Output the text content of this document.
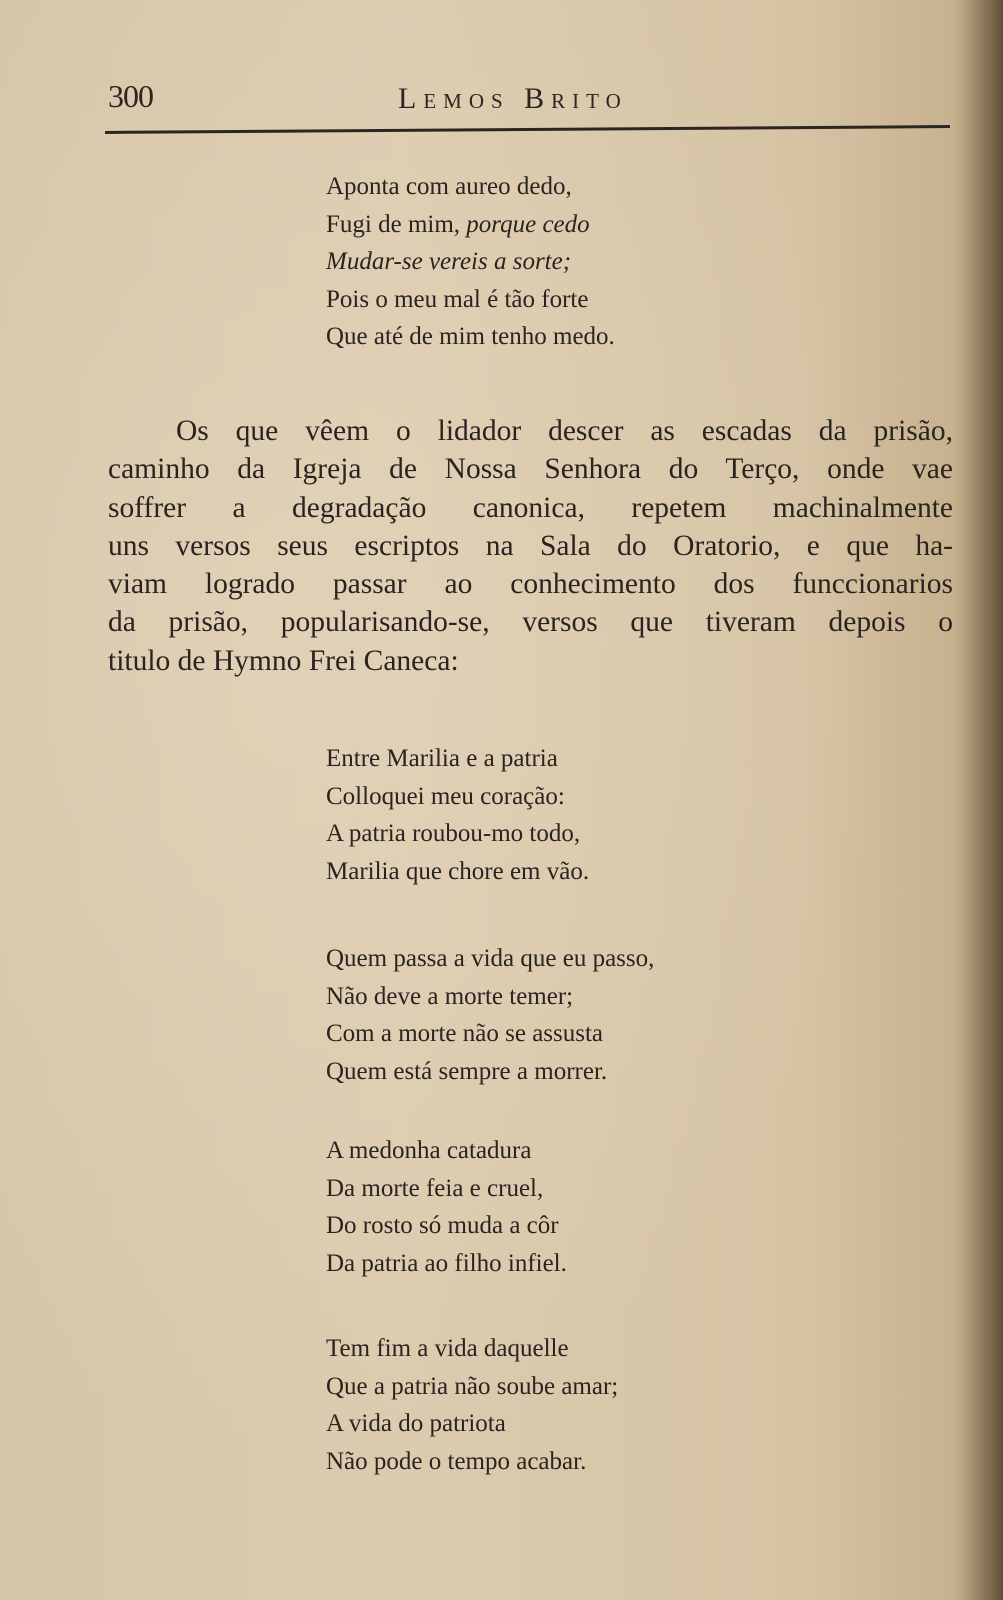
300	Lemos Brito
Aponta com aureo dedo,
Fugi de mim, porque cedo
Mudar-se vereis a sorte;
Pois o meu mal é tão forte
Que até de mim tenho medo.
Os que vêem o lidador descer as escadas da prisão,
caminho da Igreja de Nossa Senhora do Terço, onde vae
soffrer a degradação canonica, repetem machinalmente
uns versos seus escriptos na Sala do Oratorio, e que ha-
viam logrado passar ao conhecimento dos funccionarios
da prisão, popularisando-se, versos que tiveram depois o
titulo de Hymno Frei Caneca:
Entre Marilia e a patria
Colloquei meu coração:
A patria roubou-mo todo,
Marilia que chore em vão.
Quem passa a vida que eu passo,
Não deve a morte temer;
Com a morte não se assusta
Quem está sempre a morrer.
A medonha catadura
Da morte feia e cruel,
Do rosto só muda a côr
Da patria ao filho infiel.
Tem fim a vida daquelle
Que a patria não soube amar;
A vida do patriota
Não pode o tempo acabar.
